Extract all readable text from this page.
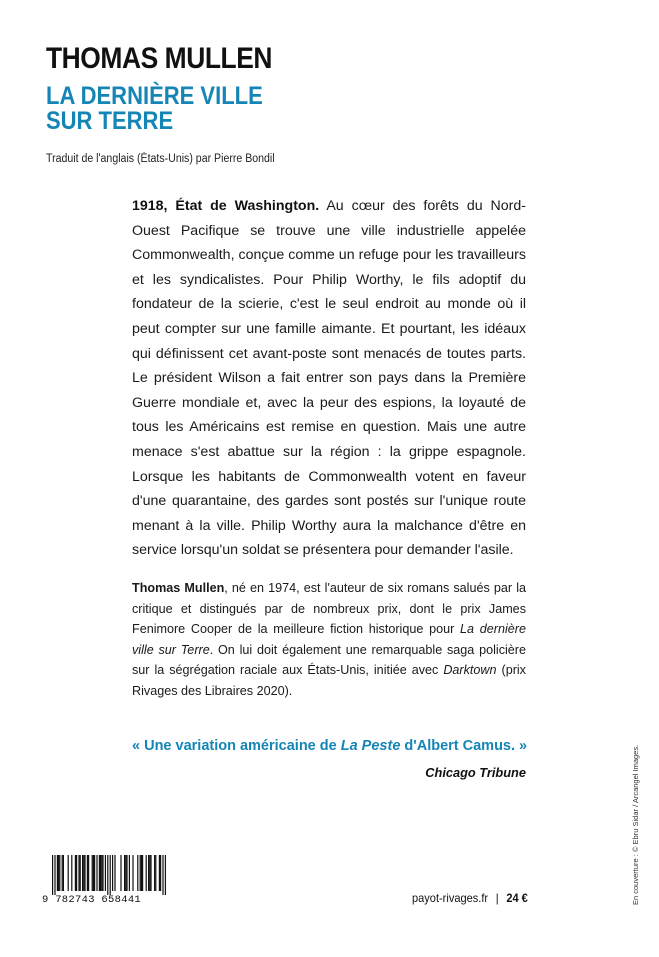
THOMAS MULLEN
LA DERNIÈRE VILLE
SUR TERRE
Traduit de l'anglais (États-Unis) par Pierre Bondil
1918, État de Washington. Au cœur des forêts du Nord-Ouest Pacifique se trouve une ville industrielle appelée Commonwealth, conçue comme un refuge pour les travailleurs et les syndicalistes. Pour Philip Worthy, le fils adoptif du fondateur de la scierie, c'est le seul endroit au monde où il peut compter sur une famille aimante. Et pourtant, les idéaux qui définissent cet avant-poste sont menacés de toutes parts. Le président Wilson a fait entrer son pays dans la Première Guerre mondiale et, avec la peur des espions, la loyauté de tous les Américains est remise en question. Mais une autre menace s'est abattue sur la région : la grippe espagnole. Lorsque les habitants de Commonwealth votent en faveur d'une quarantaine, des gardes sont postés sur l'unique route menant à la ville. Philip Worthy aura la malchance d'être en service lorsqu'un soldat se présentera pour demander l'asile.
Thomas Mullen, né en 1974, est l'auteur de six romans salués par la critique et distingués par de nombreux prix, dont le prix James Fenimore Cooper de la meilleure fiction historique pour La dernière ville sur Terre. On lui doit également une remarquable saga policière sur la ségrégation raciale aux États-Unis, initiée avec Darktown (prix Rivages des Libraires 2020).
« Une variation américaine de La Peste d'Albert Camus. »
Chicago Tribune	En couverture : © Ebru Sidar / Arcangel Images.
9 782743 658441	payot-rivages.fr | 24 €
